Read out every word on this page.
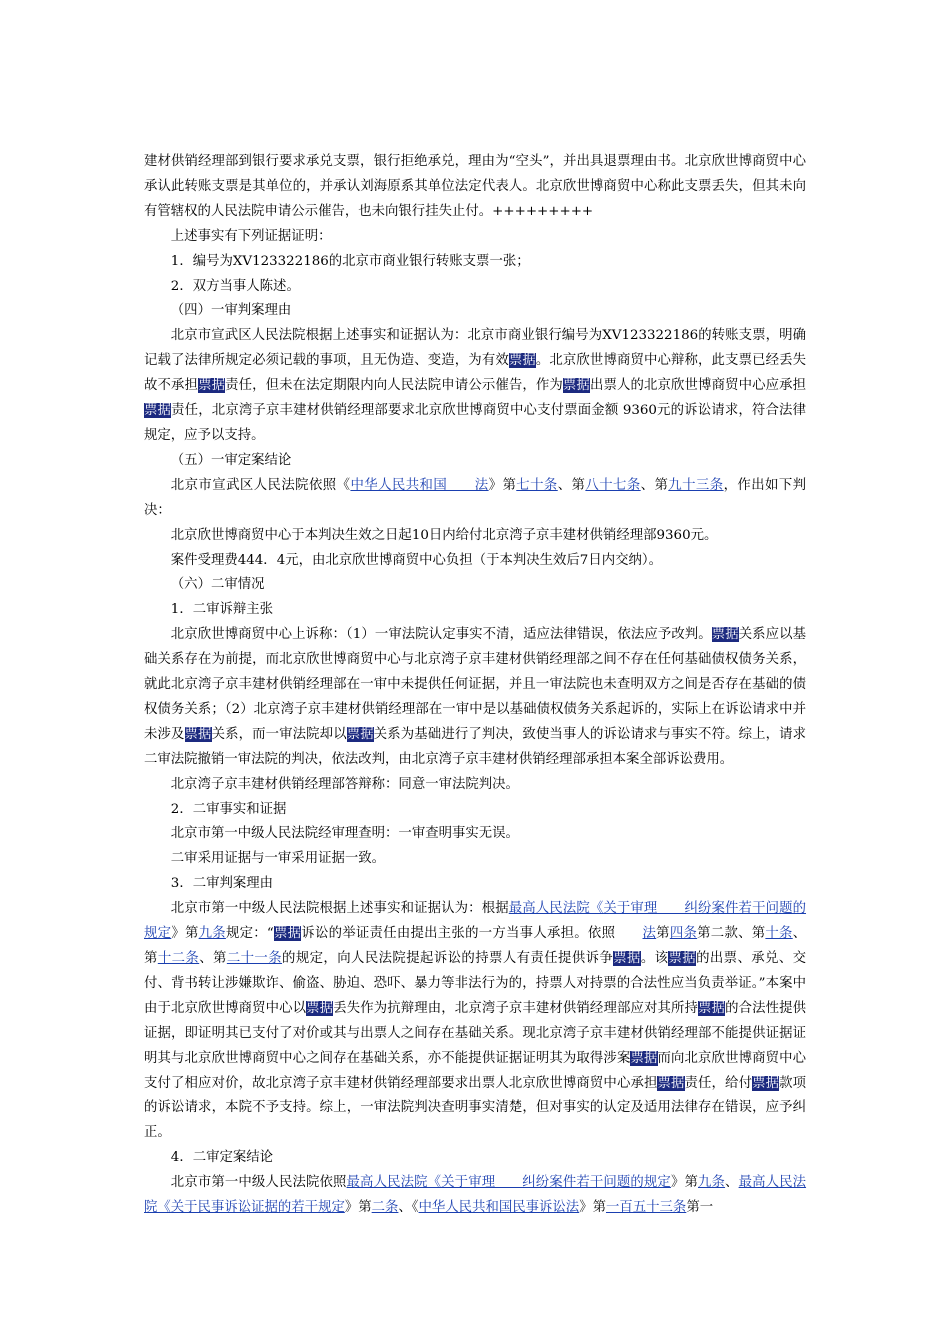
建材供销经理部到银行要求承兑支票，银行拒绝承兑，理由为“空头”，并出具退票理由书。北京欣世博商贸中心承认此转账支票是其单位的，并承认刘海原系其单位法定代表人。北京欣世博商贸中心称此支票丢失，但其未向有管辖权的人民法院申请公示催告，也未向银行挂失止付。+++++++++

上述事实有下列证据证明：

1．编号为XV123322186的北京市商业银行转账支票一张；

2．双方当事人陈述。

（四）一审判案理由

北京市宣武区人民法院根据上述事实和证据认为：北京市商业银行编号为XV123322186的转账支票，明确记载了法律所规定必须记载的事项，且无伪造、变造，为有效票据。北京欣世博商贸中心辩称，此支票已经丢失故不承担票据责任，但未在法定期限内向人民法院申请公示催告，作为票据出票人的北京欣世博商贸中心应承担票据责任，北京湾子京丰建材供销经理部要求北京欣世博商贸中心支付票面金额 9360元的诉讼请求，符合法律规定，应予以支持。

（五）一审定案结论

北京市宣武区人民法院依照《中华人民共和国　　法》第七十条、第八十七条、第九十三条，作出如下判决：

北京欣世博商贸中心于本判决生效之日起10日内给付北京湾子京丰建材供销经理部9360元。

案件受理费444．4元，由北京欣世博商贸中心负担（于本判决生效后7日内交纳）。

（六）二审情况

1．二审诉辩主张

北京欣世博商贸中心上诉称：（1）一审法院认定事实不清，适应法律错误，依法应予改判。票据关系应以基础关系存在为前提，而北京欣世博商贸中心与北京湾子京丰建材供销经理部之间不存在任何基础债权债务关系，就此北京湾子京丰建材供销经理部在一审中未提供任何证据，并且一审法院也未查明双方之间是否存在基础的债权债务关系；（2）北京湾子京丰建材供销经理部在一审中是以基础债权债务关系起诉的，实际上在诉讼请求中并未涉及票据关系，而一审法院却以票据关系为基础进行了判决，致使当事人的诉讼请求与事实不符。综上，请求二审法院撤销一审法院的判决，依法改判，由北京湾子京丰建材供销经理部承担本案全部诉讼费用。

北京湾子京丰建材供销经理部答辩称：同意一审法院判决。

2．二审事实和证据

北京市第一中级人民法院经审理查明：一审查明事实无误。

二审采用证据与一审采用证据一致。

3．二审判案理由

北京市第一中级人民法院根据上述事实和证据认为：根据最高人民法院《关于审理　　纠纷案件若干问题的规定》第九条规定：“票据诉讼的举证责任由提出主张的一方当事人承担。依照　　法第四条第二款、第十条、第十二条、第二十一条的规定，向人民法院提起诉讼的持票人有责任提供诉争票据。该票据的出票、承兑、交付、背书转让涉嫌欺诈、偷盗、胁迫、恐吓、暴力等非法行为的，持票人对持票的合法性应当负责举证。”本案中由于北京欣世博商贸中心以票据丢失作为抗辩理由，北京湾子京丰建材供销经理部应对其所持票据的合法性提供证据，即证明其已支付了对价或其与出票人之间存在基础关系。现北京湾子京丰建材供销经理部不能提供证据证明其与北京欣世博商贸中心之间存在基础关系，亦不能提供证据证明其为取得涉案票据而向北京欣世博商贸中心支付了相应对价，故北京湾子京丰建材供销经理部要求出票人北京欣世博商贸中心承担票据责任，给付票据款项的诉讼请求，本院不予支持。综上，一审法院判决查明事实清楚，但对事实的认定及适用法律存在错误，应予纠正。

4．二审定案结论

北京市第一中级人民法院依照最高人民法院《关于审理　　纠纷案件若干问题的规定》第九条、最高人民法院《关于民事诉讼证据的若干规定》第二条、《中华人民共和国民事诉讼法》第一百五十三条第一
